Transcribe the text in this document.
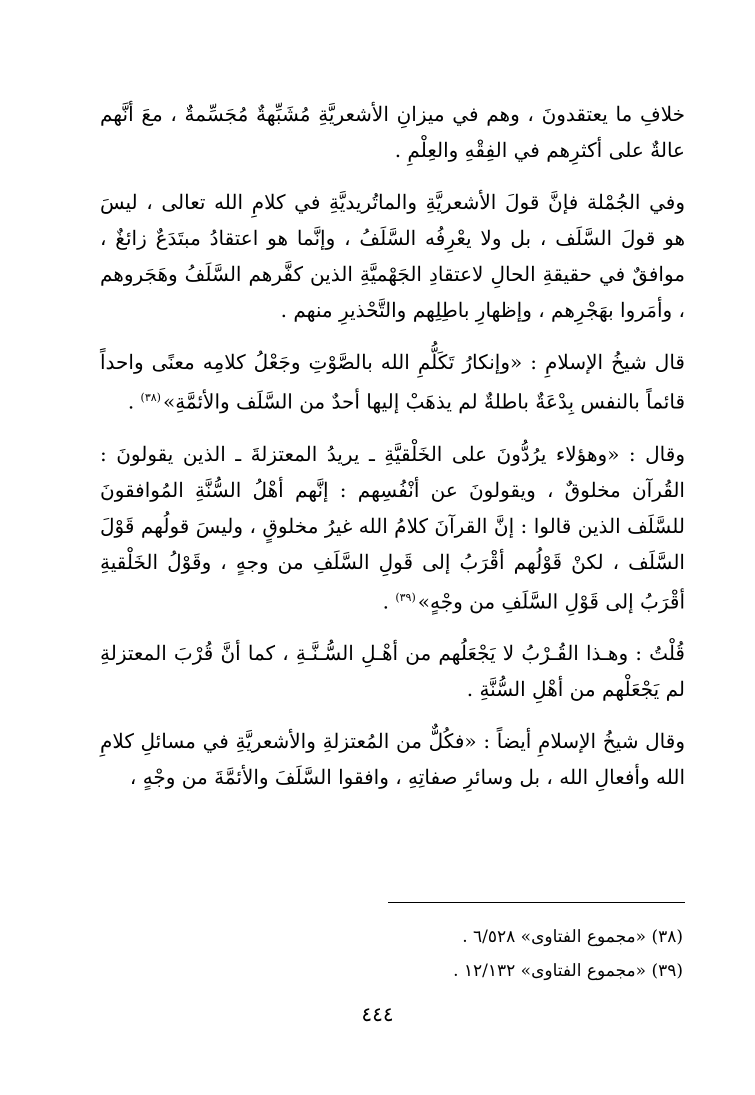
خلافِ ما يعتقدونَ ، وهم في ميزانِ الأشعريَّةِ مُشَبِّهةٌ مُجَسِّمةٌ ، معَ أنَّهم عالةٌ على أكثرِهم في الفِقْهِ والعِلْمِ .

وفي الجُمْلة فإنَّ قولَ الأشعريَّةِ والماتُريديَّةِ في كلامِ الله تعالى ، ليسَ هو قولَ السَّلَف ، بل ولا يعْرِفُه السَّلَفُ ، وإنَّما هو اعتقادُ مبتَدَعٌ زائغٌ ، موافقٌ في حقيقةِ الحالِ لاعتقادِ الجَهْميَّةِ الذين كفَّرهم السَّلَفُ وهَجَروهم ، وأمَروا بهَجْرِهم ، وإظهارِ باطِلِهم والتَّحْذيرِ منهم .

قال شيخُ الإسلامِ : «وإنكارُ تَكَلُّمِ الله بالصَّوْتِ وجَعْلُ كلامِه معنًى واحداً قائماً بالنفس بِدْعَةٌ باطلةٌ لم يذهَبْ إليها أحدٌ من السَّلَف والأئمَّةِ»$^{(٣٨)}$ .

وقال : «وهؤلاء يرُدُّونَ على الخَلْقيَّةِ ـ يريدُ المعتزلةَ ـ الذين يقولونَ : القُرآن مخلوقٌ ، ويقولونَ عن أنْفُسِهم : إنَّهم أهْلُ السُّنَّةِ المُوافقونَ للسَّلَف الذين قالوا : إنَّ القرآنَ كلامُ الله غيرُ مخلوقٍ ، وليسَ قولُهم قَوْلَ السَّلَف ، لكنْ قَوْلُهم أقْرَبُ إلى قَولِ السَّلَفِ من وجهٍ ، وقَوْلُ الخَلْقيةِ أقْرَبُ إلى قَوْلِ السَّلَفِ من وجْهٍ»$^{(٣٩)}$ .

قُلْتُ : وهـذا القُـرْبُ لا يَجْعَلُهم من أهْـلِ السُّـنَّـةِ ، كما أنَّ قُرْبَ المعتزلةِ لم يَجْعَلْهم من أهْلِ السُّنَّةِ .

وقال شيخُ الإسلامِ أيضاً : «فكُلٌّ من المُعتزلةِ والأشعريَّةِ في مسائلِ كلامِ الله وأفعالِ الله ، بل وسائرِ صفاتِهِ ، وافقوا السَّلَفَ والأئمَّةَ من وجْهٍ ،

(٣٨) «مجموع الفتاوى» ٦/٥٢٨ .

(٣٩) «مجموع الفتاوى» ١٢/١٣٢ .

٤٤٤
